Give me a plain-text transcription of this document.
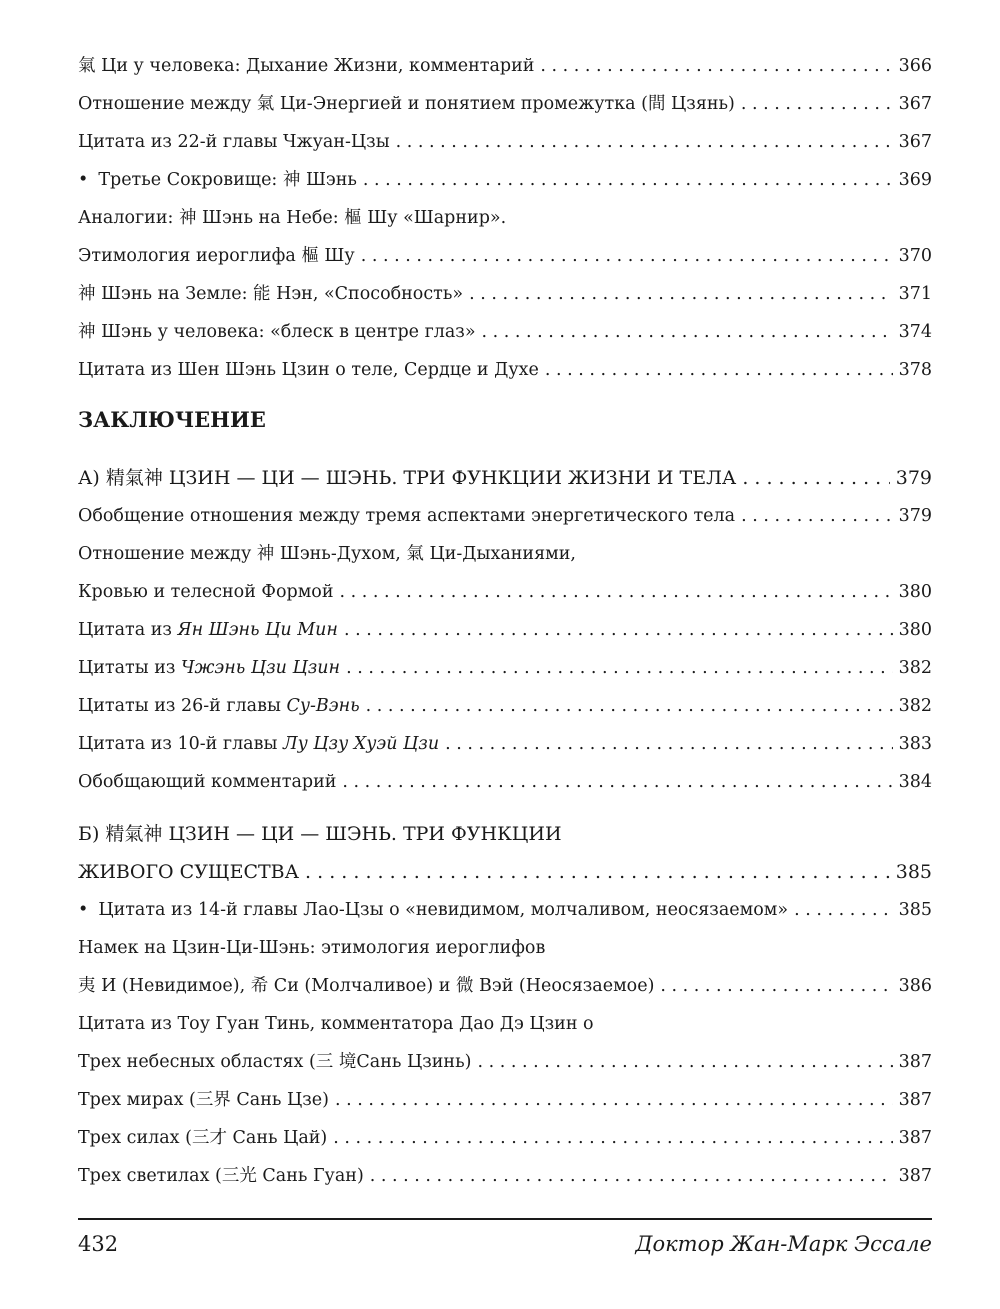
氣 Ци у человека: Дыхание Жизни, комментарий . . .	366
Отношение между 氣 Ци-Энергией и понятием промежутка (間 Цзянь) . . .	367
Цитата из 22-й главы Чжуан-Цзы . . .	367
• Третье Сокровище: 神 Шэнь . . .	369
Аналогии: 神 Шэнь на Небе: 樞 Шу «Шарнир».
Этимология иероглифа 樞 Шу . . .	370
神 Шэнь на Земле: 能 Нэн, «Способность» . . .	371
神 Шэнь у человека: «блеск в центре глаз» . . .	374
Цитата из Шен Шэнь Цзин о теле, Сердце и Духе . . .	378
ЗАКЛЮЧЕНИЕ
А) 精氣神 ЦЗИН — ЦИ — ШЭНЬ. ТРИ ФУНКЦИИ ЖИЗНИ И ТЕЛА . . .	379
Обобщение отношения между тремя аспектами энергетического тела . . .	379
Отношение между 神 Шэнь-Духом, 氣 Ци-Дыханиями,
Кровью и телесной Формой . . .	380
Цитата из Ян Шэнь Ци Мин . . .	380
Цитаты из Чжэнь Цзи Цзин . . .	382
Цитаты из 26-й главы Су-Вэнь . . .	382
Цитата из 10-й главы Лу Цзу Хуэй Цзи . . .	383
Обобщающий комментарий . . .	384
Б) 精氣神 ЦЗИН — ЦИ — ШЭНЬ. ТРИ ФУНКЦИИ
ЖИВОГО СУЩЕСТВА . . .	385
• Цитата из 14-й главы Лао-Цзы о «невидимом, молчаливом, неосязаемом» . . .	385
Намек на Цзин-Ци-Шэнь: этимология иероглифов
夷 И (Невидимое), 希 Си (Молчаливое) и 微 Вэй (Неосязаемое) . . .	386
Цитата из Тоу Гуан Тинь, комментатора Дао Дэ Цзин о
Трех небесных областях (三 境Сань Цзинь) . . .	387
Трех мирах (三界 Сань Цзе) . . .	387
Трех силах (三才 Сань Цай) . . .	387
Трех светилах (三光 Сань Гуан) . . .	387
432	Доктор Жан-Марк Эссале
